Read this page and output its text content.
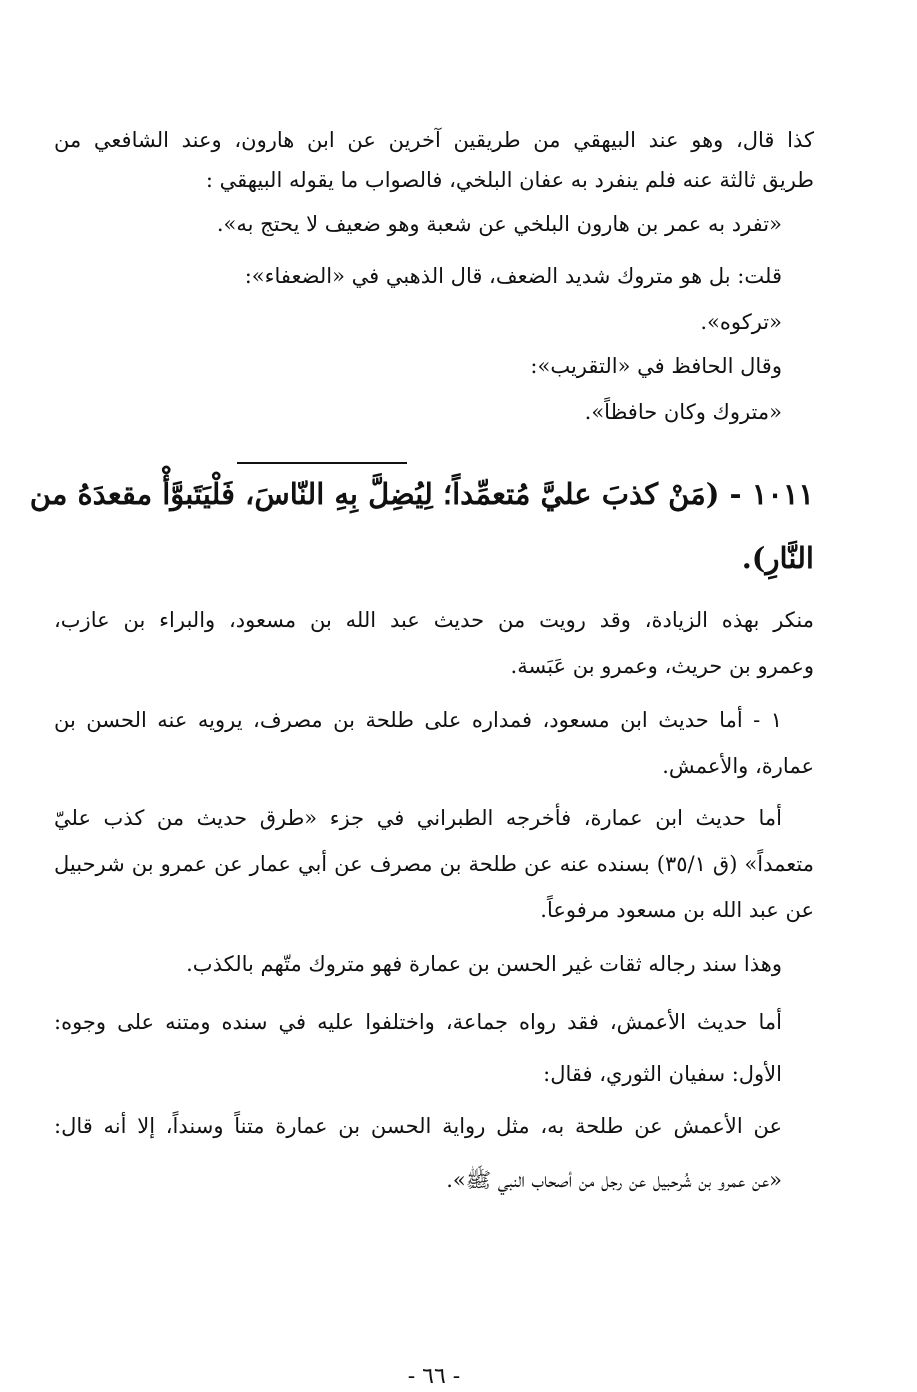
كذا قال، وهو عند البيهقي من طريقين آخرين عن ابن هارون، وعند الشافعي من
طريق ثالثة عنه فلم ينفرد به عفان البلخي، فالصواب ما يقوله البيهقي :
«تفرد به عمر بن هارون البلخي عن شعبة وهو ضعيف لا يحتج به».
قلت: بل هو متروك شديد الضعف، قال الذهبي في «الضعفاء»:
«تركوه».
وقال الحافظ في «التقريب»:
«متروك وكان حافظاً».
١٠١١ - (مَنْ كذبَ عليَّ مُتعمِّداً؛ لِيُضِلَّ بِهِ النّاسَ، فَلْيَتَبوَّأْ مقعدَهُ من
النَّارِ).
منكر بهذه الزيادة، وقد رويت من حديث عبد الله بن مسعود، والبراء بن عازب،
وعمرو بن حريث، وعمرو بن عَبَسة.
١ - أما حديث ابن مسعود، فمداره على طلحة بن مصرف، يرويه عنه الحسن بن
عمارة، والأعمش.
أما حديث ابن عمارة، فأخرجه الطبراني في جزء «طرق حديث من كذب عليّ
متعمداً» (ق ٣٥/١) بسنده عنه عن طلحة بن مصرف عن أبي عمار عن عمرو بن شرحبيل
عن عبد الله بن مسعود مرفوعاً.
وهذا سند رجاله ثقات غير الحسن بن عمارة فهو متروك متّهم بالكذب.
أما حديث الأعمش، فقد رواه جماعة، واختلفوا عليه في سنده ومتنه على وجوه:
الأول: سفيان الثوري، فقال:
عن الأعمش عن طلحة به، مثل رواية الحسن بن عمارة متناً وسنداً، إلا أنه قال:
«عن عمرو بن شُرحبيل عن رجل من أصحاب النبي ﷺ».
- ٦٦ -
